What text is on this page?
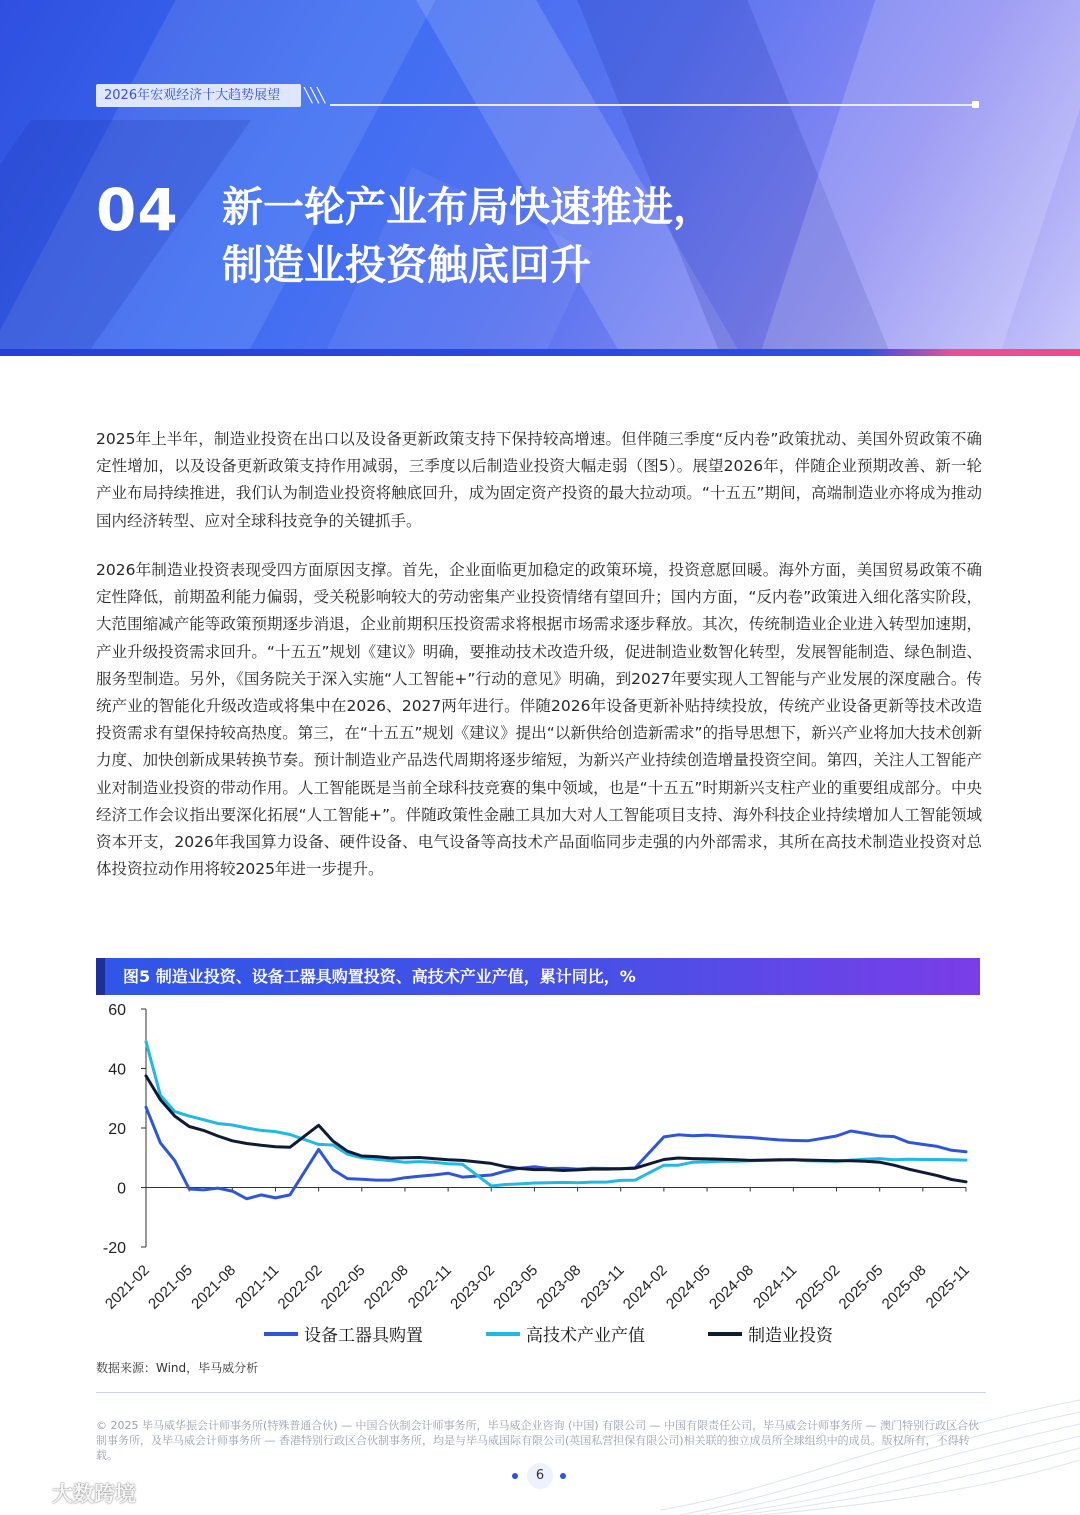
2026年宏观经济十大趋势展望	╲╲╲
04 新一轮产业布局快速推进，
制造业投资触底回升

2025年上半年，制造业投资在出口以及设备更新政策支持下保持较高增速。但伴随三季度“反内卷”政策扰动、美国外贸政策不确定性增加，以及设备更新政策支持作用减弱，三季度以后制造业投资大幅走弱（图5）。展望2026年，伴随企业预期改善、新一轮产业布局持续推进，我们认为制造业投资将触底回升，成为固定资产投资的最大拉动项。“十五五”期间，高端制造业亦将成为推动国内经济转型、应对全球科技竞争的关键抓手。

2026年制造业投资表现受四方面原因支撑。首先，企业面临更加稳定的政策环境，投资意愿回暖。海外方面，美国贸易政策不确定性降低，前期盈利能力偏弱，受关税影响较大的劳动密集产业投资情绪有望回升；国内方面，“反内卷”政策进入细化落实阶段，大范围缩减产能等政策预期逐步消退，企业前期积压投资需求将根据市场需求逐步释放。其次，传统制造业企业进入转型加速期，产业升级投资需求回升。“十五五”规划《建议》明确，要推动技术改造升级，促进制造业数智化转型，发展智能制造、绿色制造、服务型制造。另外，《国务院关于深入实施“人工智能+”行动的意见》明确，到2027年要实现人工智能与产业发展的深度融合。传统产业的智能化升级改造或将集中在2026、2027两年进行。伴随2026年设备更新补贴持续投放，传统产业设备更新等技术改造投资需求有望保持较高热度。第三，在“十五五”规划《建议》提出“以新供给创造新需求”的指导思想下，新兴产业将加大技术创新力度、加快创新成果转换节奏。预计制造业产品迭代周期将逐步缩短，为新兴产业持续创造增量投资空间。第四，关注人工智能产业对制造业投资的带动作用。人工智能既是当前全球科技竞赛的集中领域，也是“十五五”时期新兴支柱产业的重要组成部分。中央经济工作会议指出要深化拓展“人工智能+”。伴随政策性金融工具加大对人工智能项目支持、海外科技企业持续增加人工智能领域资本开支，2026年我国算力设备、硬件设备、电气设备等高技术产品面临同步走强的内外部需求，其所在高技术制造业投资对总体投资拉动作用将较2025年进一步提升。

图5 制造业投资、设备工器具购置投资、高技术产业产值，累计同比，%
60
40
20
0
-20
2021-02
2021-05
2021-08
2021-11
2022-02
2022-05
2022-08
2022-11
2023-02
2023-05
2023-08
2023-11
2024-02
2024-05
2024-08
2024-11
2025-02
2025-05
2025-08
2025-11
设备工器具购置	高技术产业产值	制造业投资
数据来源：Wind，毕马威分析

© 2025 毕马威华振会计师事务所(特殊普通合伙) — 中国合伙制会计师事务所，毕马威企业咨询 (中国) 有限公司 — 中国有限责任公司，毕马威会计师事务所 — 澳门特别行政区合伙制事务所，及毕马威会计师事务所 — 香港特别行政区合伙制事务所，均是与毕马威国际有限公司(英国私营担保有限公司)相关联的独立成员所全球组织中的成员。版权所有，不得转载。

6
大数跨境
